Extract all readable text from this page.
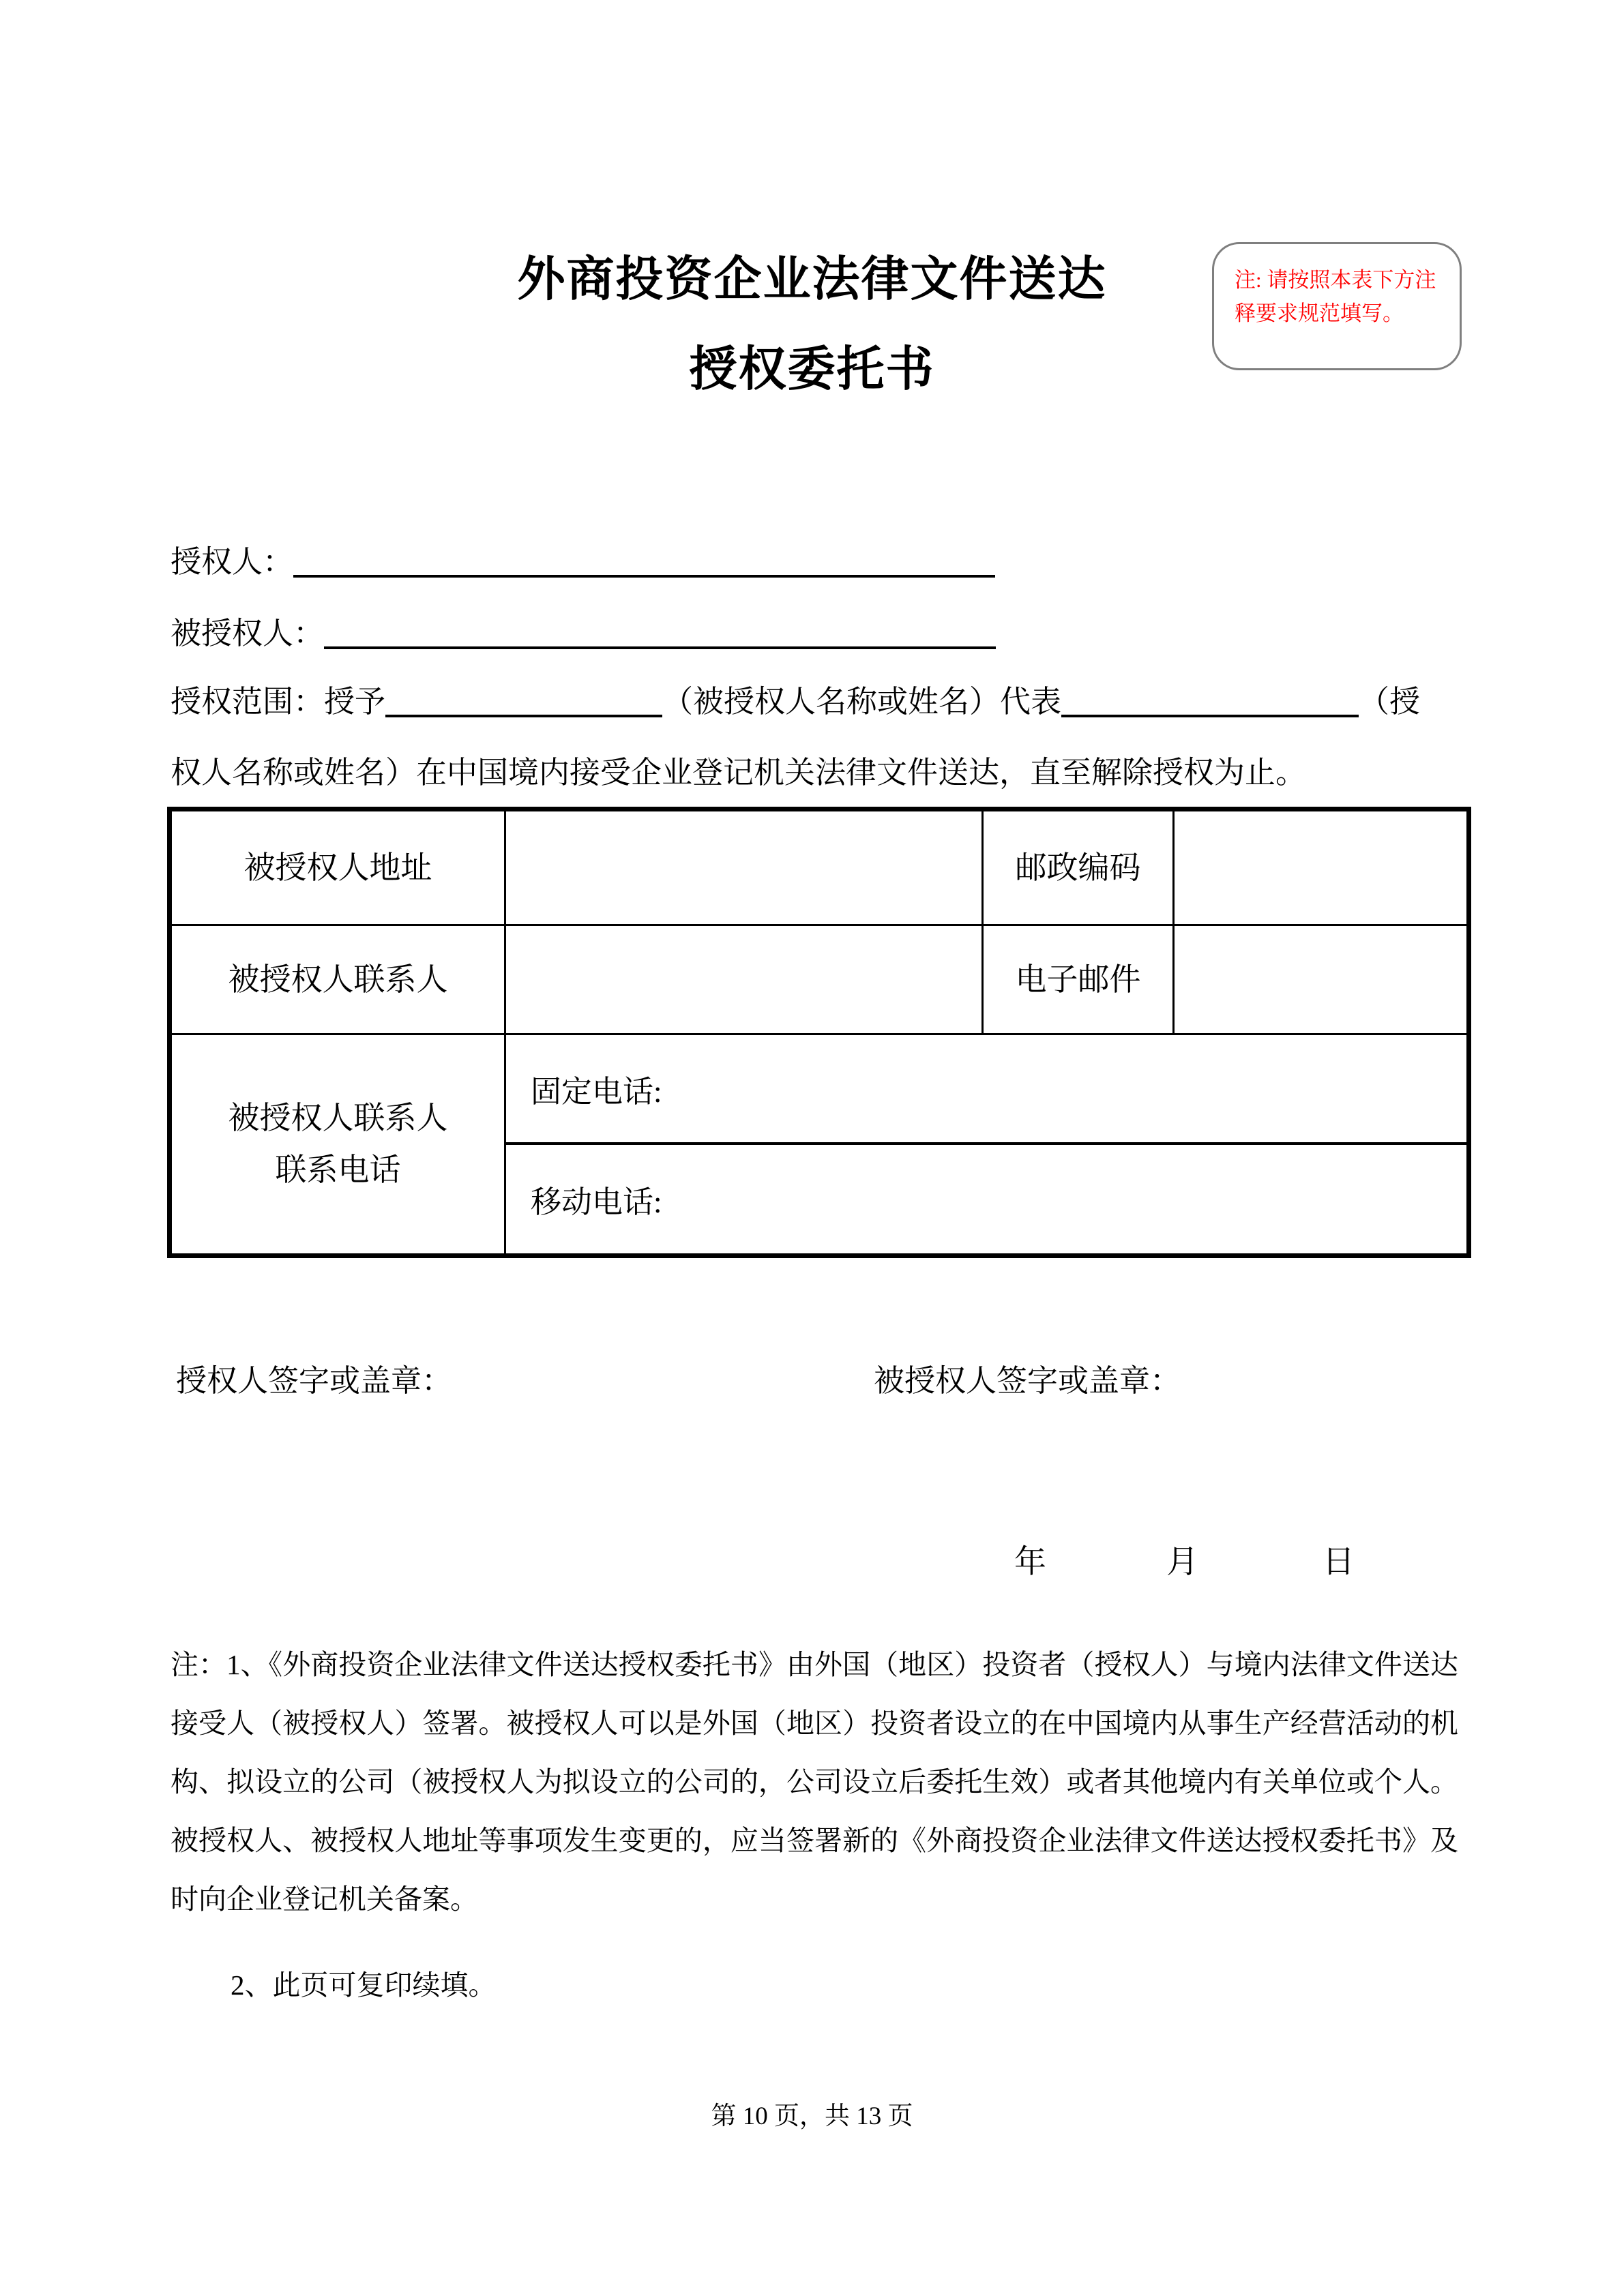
外商投资企业法律文件送达
授权委托书
注: 请按照本表下方注释要求规范填写。
授权人：
被授权人：
授权范围：授予	（被授权人名称或姓名）代表	（授
权人名称或姓名）在中国境内接受企业登记机关法律文件送达，直至解除授权为止。
被授权人地址		邮政编码	
被授权人联系人		电子邮件	

被授权人联系人
联系电话	固定电话:		
	移动电话:		
授权人签字或盖章：	被授权人签字或盖章：
年	月	日
注：1、《外商投资企业法律文件送达授权委托书》由外国（地区）投资者（授权人）与境内法律文件送达接受人（被授权人）签署。被授权人可以是外国（地区）投资者设立的在中国境内从事生产经营活动的机构、拟设立的公司（被授权人为拟设立的公司的，公司设立后委托生效）或者其他境内有关单位或个人。被授权人、被授权人地址等事项发生变更的，应当签署新的《外商投资企业法律文件送达授权委托书》及时向企业登记机关备案。
2、此页可复印续填。
第 10 页，共 13 页
